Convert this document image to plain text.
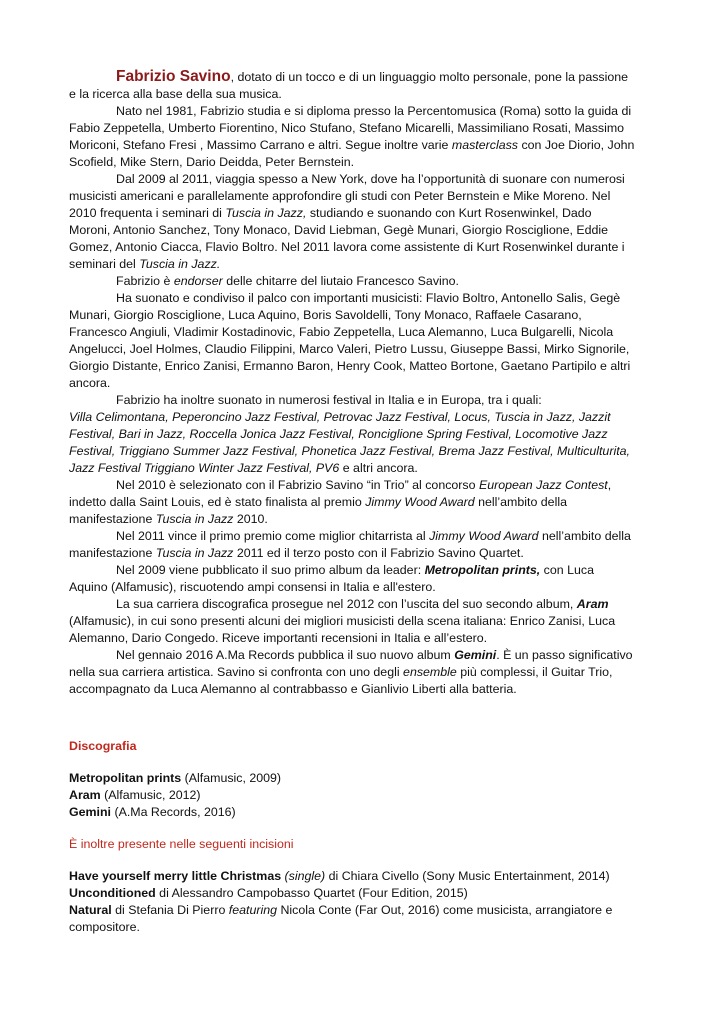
Fabrizio Savino, dotato di un tocco e di un linguaggio molto personale, pone la passione e la ricerca alla base della sua musica.

Nato nel 1981, Fabrizio studia e si diploma presso la Percentomusica (Roma) sotto la guida di Fabio Zeppetella, Umberto Fiorentino, Nico Stufano, Stefano Micarelli, Massimiliano Rosati, Massimo Moriconi, Stefano Fresi , Massimo Carrano e altri. Segue inoltre varie masterclass con Joe Diorio, John Scofield, Mike Stern, Dario Deidda, Peter Bernstein.

Dal 2009 al 2011, viaggia spesso a New York, dove ha l’opportunità di suonare con numerosi musicisti americani e parallelamente approfondire gli studi con Peter Bernstein e Mike Moreno. Nel 2010 frequenta i seminari di Tuscia in Jazz, studiando e suonando con Kurt Rosenwinkel, Dado Moroni, Antonio Sanchez, Tony Monaco, David Liebman, Gegè Munari, Giorgio Rosciglione, Eddie Gomez, Antonio Ciacca, Flavio Boltro. Nel 2011 lavora come assistente di Kurt Rosenwinkel durante i seminari del Tuscia in Jazz.

Fabrizio è endorser delle chitarre del liutaio Francesco Savino.

Ha suonato e condiviso il palco con importanti musicisti: Flavio Boltro, Antonello Salis, Gegè Munari, Giorgio Rosciglione, Luca Aquino, Boris Savoldelli, Tony Monaco, Raffaele Casarano, Francesco Angiuli, Vladimir Kostadinovic, Fabio Zeppetella, Luca Alemanno, Luca Bulgarelli, Nicola Angelucci, Joel Holmes, Claudio Filippini, Marco Valeri, Pietro Lussu, Giuseppe Bassi, Mirko Signorile, Giorgio Distante, Enrico Zanisi, Ermanno Baron, Henry Cook, Matteo Bortone, Gaetano Partipilo e altri ancora.

Fabrizio ha inoltre suonato in numerosi festival in Italia e in Europa, tra i quali:

Villa Celimontana, Peperoncino Jazz Festival, Petrovac Jazz Festival, Locus, Tuscia in Jazz, Jazzit Festival, Bari in Jazz, Roccella Jonica Jazz Festival, Ronciglione Spring Festival, Locomotive Jazz Festival, Triggiano Summer Jazz Festival, Phonetica Jazz Festival, Brema Jazz Festival, Multiculturita, Jazz Festival Triggiano Winter Jazz Festival, PV6 e altri ancora.

Nel 2010 è selezionato con il Fabrizio Savino “in Trio” al concorso European Jazz Contest, indetto dalla Saint Louis, ed è stato finalista al premio Jimmy Wood Award nell’ambito della manifestazione Tuscia in Jazz 2010.

Nel 2011 vince il primo premio come miglior chitarrista al Jimmy Wood Award nell’ambito della manifestazione Tuscia in Jazz 2011 ed il terzo posto con il Fabrizio Savino Quartet.

Nel 2009 viene pubblicato il suo primo album da leader: Metropolitan prints, con Luca Aquino (Alfamusic), riscuotendo ampi consensi in Italia e all'estero.

La sua carriera discografica prosegue nel 2012 con l’uscita del suo secondo album, Aram (Alfamusic), in cui sono presenti alcuni dei migliori musicisti della scena italiana: Enrico Zanisi, Luca Alemanno, Dario Congedo. Riceve importanti recensioni in Italia e all’estero.

Nel gennaio 2016 A.Ma Records pubblica il suo nuovo album Gemini. È un passo significativo nella sua carriera artistica. Savino si confronta con uno degli ensemble più complessi, il Guitar Trio, accompagnato da Luca Alemanno al contrabbasso e Gianlivio Liberti alla batteria.

Discografia

Metropolitan prints (Alfamusic, 2009)
Aram (Alfamusic, 2012)
Gemini (A.Ma Records, 2016)

È inoltre presente nelle seguenti incisioni

Have yourself merry little Christmas (single) di Chiara Civello (Sony Music Entertainment, 2014)
Unconditioned di Alessandro Campobasso Quartet (Four Edition, 2015)
Natural di Stefania Di Pierro featuring Nicola Conte (Far Out, 2016) come musicista, arrangiatore e compositore.
